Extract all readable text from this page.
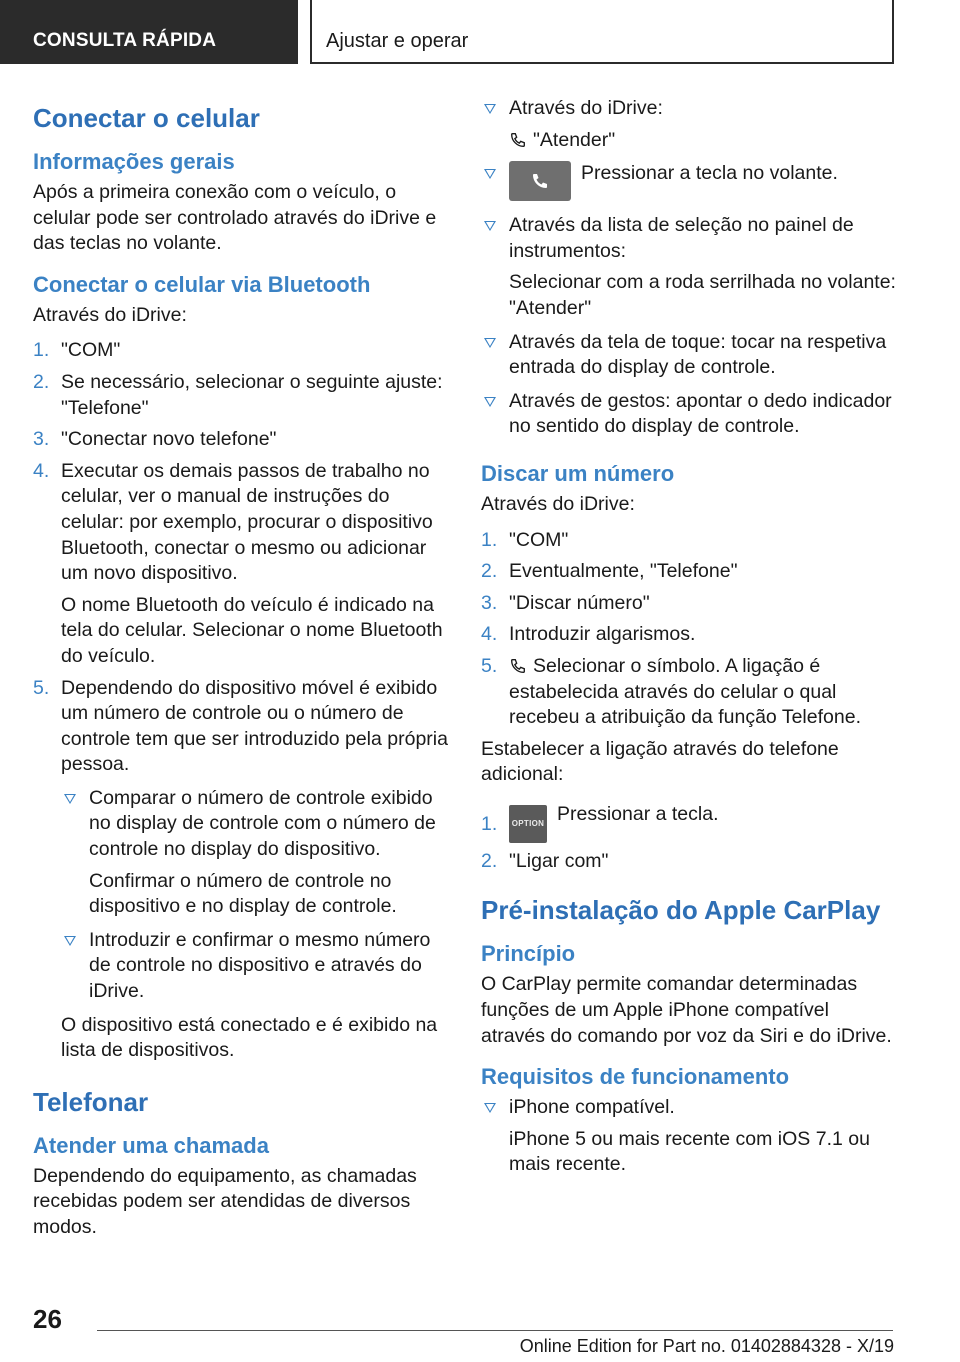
CONSULTA RÁPIDA	Ajustar e operar
Conectar o celular
Informações gerais

Após a primeira conexão com o veículo, o celular pode ser controlado através do iDrive e das teclas no volante.

Conectar o celular via Bluetooth

Através do iDrive:

1. "COM"
2. Se necessário, selecionar o seguinte ajuste: "Telefone"
3. "Conectar novo telefone"
4. Executar os demais passos de trabalho no celular, ver o manual de instruções do celular: por exemplo, procurar o dispositivo Bluetooth, conectar o mesmo ou adicionar um novo dispositivo.

O nome Bluetooth do veículo é indicado na tela do celular. Selecionar o nome Bluetooth do veículo.

5. Dependendo do dispositivo móvel é exibido um número de controle ou o número de controle tem que ser introduzido pela própria pessoa.
Comparar o número de controle exibido no display de controle com o número de controle no display do dispositivo.

Confirmar o número de controle no dispositivo e no display de controle.

Introduzir e confirmar o mesmo número de controle no dispositivo e através do iDrive.

O dispositivo está conectado e é exibido na lista de dispositivos.

Telefonar
Atender uma chamada

Dependendo do equipamento, as chamadas recebidas podem ser atendidas de diversos modos.

Através do iDrive:

"Atender"

Pressionar a tecla no volante.
Através da lista de seleção no painel de instrumentos:

Selecionar com a roda serrilhada no volante: "Atender"

Através da tela de toque: tocar na respetiva entrada do display de controle.
Através de gestos: apontar o dedo indicador no sentido do display de controle.
Discar um número

Através do iDrive:

1. "COM"
2. Eventualmente, "Telefone"
3. "Discar número"
4. Introduzir algarismos.
5. Selecionar o símbolo. A ligação é estabelecida através do celular o qual recebeu a atribuição da função Telefone.

Estabelecer a ligação através do telefone adicional:

1. OPTION Pressionar a tecla.
2. "Ligar com"
Pré-instalação do Apple CarPlay
Princípio

O CarPlay permite comandar determinadas funções de um Apple iPhone compatível através do comando por voz da Siri e do iDrive.

Requisitos de funcionamento
iPhone compatível.

iPhone 5 ou mais recente com iOS 7.1 ou mais recente.

26
Online Edition for Part no. 01402884328 - X/19
